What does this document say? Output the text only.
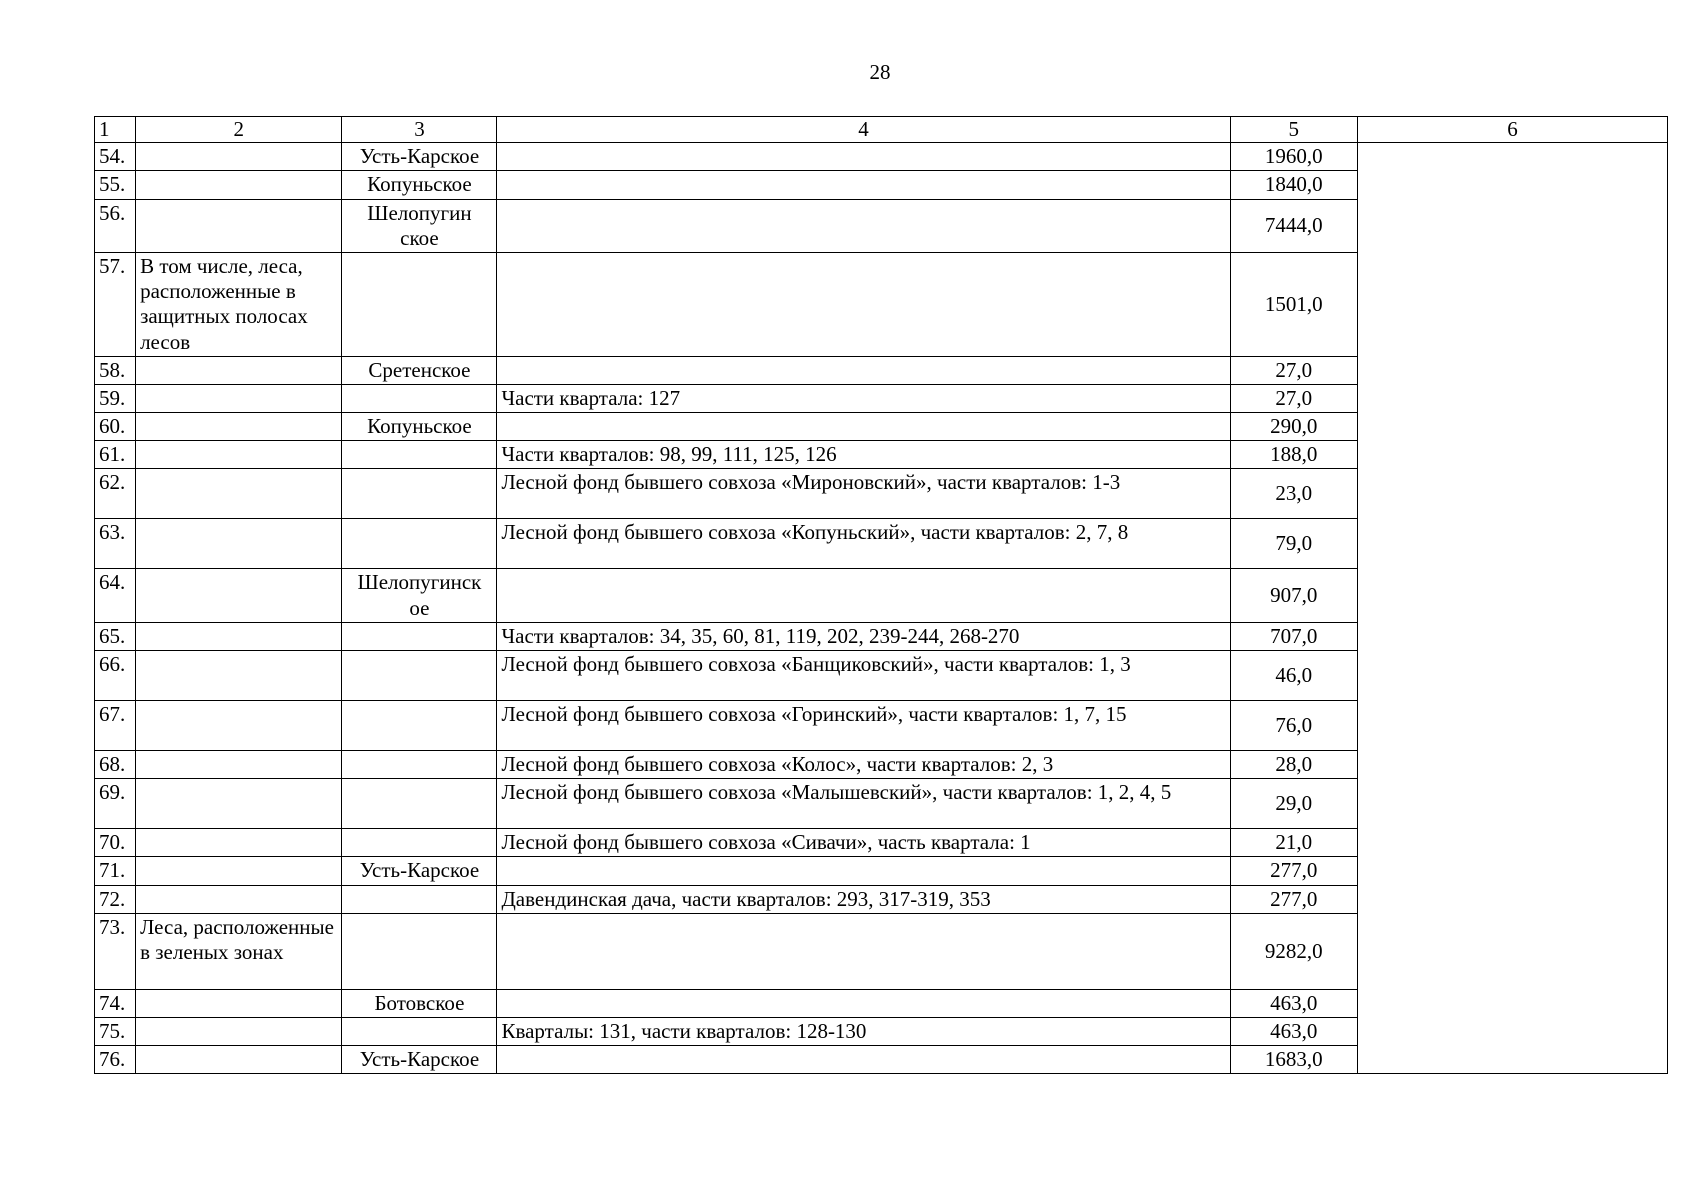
28
1	2	3	4	5	6
54.		Усть-Карское		1960,0	
55.		Копуньское		1840,0	
56.		Шелопугин ское		7444,0	
57.	В том числе, леса, расположенные в защитных полосах лесов			1501,0	
58.		Сретенское		27,0	
59.			Части квартала: 127	27,0	
60.		Копуньское		290,0	
61.			Части кварталов: 98, 99, 111, 125, 126	188,0	
62.			Лесной фонд бывшего совхоза «Мироновский», части кварталов: 1-3	23,0	
63.			Лесной фонд бывшего совхоза «Копуньский», части кварталов: 2, 7, 8	79,0	
64.		Шелопугинск ое		907,0	
65.			Части кварталов: 34, 35, 60, 81, 119, 202, 239-244, 268-270	707,0	
66.			Лесной фонд бывшего совхоза «Банщиковский», части кварталов: 1, 3	46,0	
67.			Лесной фонд бывшего совхоза «Горинский», части кварталов: 1, 7, 15	76,0	
68.			Лесной фонд бывшего совхоза «Колос», части кварталов: 2, 3	28,0	
69.			Лесной фонд бывшего совхоза «Малышевский», части кварталов: 1, 2, 4, 5	29,0	
70.			Лесной фонд бывшего совхоза «Сивачи», часть квартала: 1	21,0	
71.		Усть-Карское		277,0	
72.			Давендинская дача, части кварталов: 293, 317-319, 353	277,0	
73.	Леса, расположенные в зеленых зонах			9282,0	
74.		Ботовское		463,0	
75.			Кварталы: 131, части кварталов: 128-130	463,0	
76.		Усть-Карское		1683,0	
